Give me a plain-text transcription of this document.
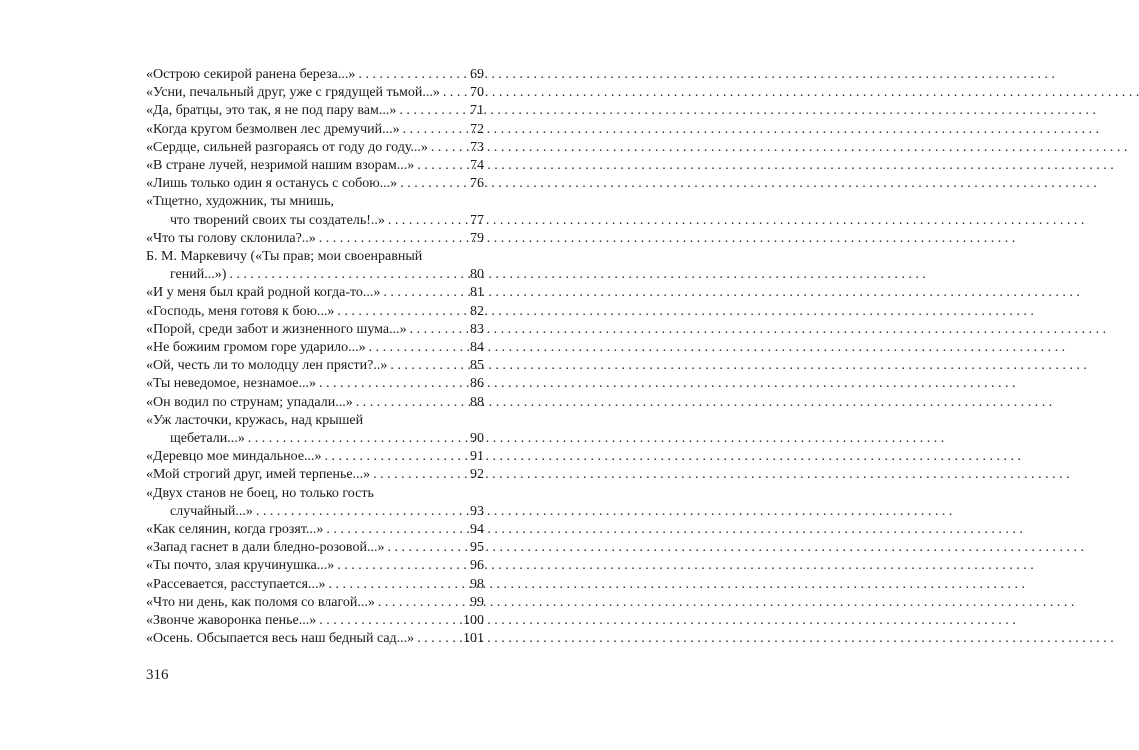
«Острою секирой ранена береза...» . . .	69
«Усни, печальный друг, уже с грядущей тьмой...» . . . 70
«Да, братцы, это так, я не под пару вам...» . . .	71
«Когда кругом безмолвен лес дремучий...» . . .	72
«Сердце, сильней разгораясь от году до году...» . . .	73
«В стране лучей, незримой нашим взорам...» . . .	74
«Лишь только один я останусь с собою...» . . .	76
«Тщетно, художник, ты мнишь,
что творений своих ты создатель!..» . . .	77
«Что ты голову склонила?..» . . .	79
Б. М. Маркевичу («Ты прав; мои своенравный
гений...») . . .	80
«И у меня был край родной когда-то...» . . .	81
«Господь, меня готовя к бою...» . . .	82
«Порой, среди забот и жизненного шума...» . . .	83
«Не божиим громом горе ударило...» . . .	84
«Ой, честь ли то молодцу лен прясти?..» . . .	85
«Ты неведомое, незнамое...» . . .	86
«Он водил по струнам; упадали...» . . .	88
«Уж ласточки, кружась, над крышей
щебетали...» . . .	90
«Деревцо мое миндальное...» . . .	91
«Мой строгий друг, имей терпенье...» . . .	92
«Двух станов не боец, но только гость
случайный...» . . .	93
«Как селянин, когда грозят...» . . .	94
«Запад гаснет в дали бледно-розовой...» . . .	95
«Ты почто, злая кручинушка...» . . .	96
«Рассевается, расступается...» . . .	98
«Что ни день, как поломя со влагой...» . . .	99
«Звонче жаворонка пенье...» . . .	100
«Осень. Обсыпается весь наш бедный сад...» . . .	101
316
